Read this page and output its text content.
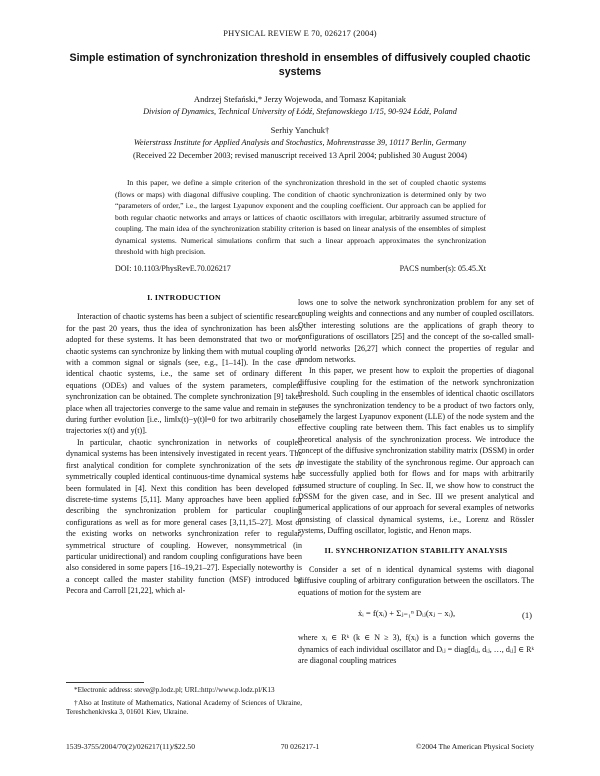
PHYSICAL REVIEW E 70, 026217 (2004)
Simple estimation of synchronization threshold in ensembles of diffusively coupled chaotic systems
Andrzej Stefański,* Jerzy Wojewoda, and Tomasz Kapitaniak
Division of Dynamics, Technical University of Łódź, Stefanowskiego 1/15, 90-924 Łódź, Poland
Serhiy Yanchuk†
Weierstrass Institute for Applied Analysis and Stochastics, Mohrenstrasse 39, 10117 Berlin, Germany
(Received 22 December 2003; revised manuscript received 13 April 2004; published 30 August 2004)

In this paper, we define a simple criterion of the synchronization threshold in the set of coupled chaotic systems (flows or maps) with diagonal diffusive coupling. The condition of chaotic synchronization is determined only by two “parameters of order,” i.e., the largest Lyapunov exponent and the coupling coefficient. Our approach can be applied for both regular chaotic networks and arrays or lattices of chaotic oscillators with irregular, arbitrarily assumed structure of coupling. The main idea of the synchronization stability criterion is based on linear analysis of the ensembles of simplest dynamical systems. Numerical simulations confirm that such a linear approach approximates the synchronization threshold with high precision.

DOI: 10.1103/PhysRevE.70.026217	PACS number(s): 05.45.Xt
I. INTRODUCTION

Interaction of chaotic systems has been a subject of scientific research for the past 20 years, thus the idea of synchronization has been also adopted for these systems. It has been demonstrated that two or more chaotic systems can synchronize by linking them with mutual coupling or with a common signal or signals (see, e.g., [1–14]). In the case of identical chaotic systems, i.e., the same set of ordinary different equations (ODEs) and values of the system parameters, complete synchronization can be obtained. The complete synchronization [9] takes place when all trajectories converge to the same value and remain in step during further evolution [i.e., lim‖x(t)−y(t)‖=0 for two arbitrarily chosen trajectories x(t) and y(t)].

In particular, chaotic synchronization in networks of coupled dynamical systems has been intensively investigated in recent years. The first analytical condition for complete synchronization of the sets of symmetrically coupled identical continuous-time dynamical systems has been formulated in [4]. Next this condition has been developed for discrete-time systems [5,11]. Many approaches have been applied for describing the synchronization problem for particular coupling configurations as well as for more general cases [3,11,15–27]. Most of the existing works on networks synchronization refer to regular, symmetrical structure of coupling. However, nonsymmetrical (in particular unidirectional) and random coupling configurations have been also considered in some papers [16–19,21–27]. Especially noteworthy is a concept called the master stability function (MSF) introduced by Pecora and Carroll [21,22], which al-

lows one to solve the network synchronization problem for any set of coupling weights and connections and any number of coupled oscillators. Other interesting solutions are the applications of graph theory to configurations of oscillators [25] and the concept of the so-called small-world networks [26,27] which connect the properties of regular and random networks.

In this paper, we present how to exploit the properties of diagonal diffusive coupling for the estimation of the network synchronization threshold. Such coupling in the ensembles of identical chaotic oscillators causes the synchronization tendency to be a product of two factors only, namely the largest Lyapunov exponent (LLE) of the node system and the effective coupling rate between them. This fact enables us to simplify theoretical analysis of the synchronization process. We introduce the concept of the diffusive synchronization stability matrix (DSSM) in order to investigate the stability of the synchronous regime. Our approach can be successfully applied both for flows and for maps with arbitrarily assumed structure of coupling. In Sec. II, we show how to construct the DSSM for the given case, and in Sec. III we present analytical and numerical applications of our approach for several examples of networks consisting of classical dynamical systems, i.e., Lorenz and Rössler systems, Duffing oscillator, logistic, and Henon maps.

II. SYNCHRONIZATION STABILITY ANALYSIS

Consider a set of n identical dynamical systems with diagonal diffusive coupling of arbitrary configuration between the oscillators. The equations of motion for the system are

ẋᵢ = f(xᵢ) + Σⱼ₌₁ⁿ Dᵢⱼ(xⱼ − xᵢ),	(1)

where xᵢ ∈ Rᵏ (k ∈ N ≥ 3), f(xᵢ) is a function which governs the dynamics of each individual oscillator and Dᵢⱼ = diag[dᵢⱼ, dᵢⱼ, …, dᵢⱼ] ∈ Rᵏ are diagonal coupling matrices

*Electronic address: steve@p.lodz.pl; URL:http://www.p.lodz.pl/K13

†Also at Institute of Mathematics, National Academy of Sciences of Ukraine, Tereshchenkivska 3, 01601 Kiev, Ukraine.

1539-3755/2004/70(2)/026217(11)/$22.50	70 026217-1	©2004 The American Physical Society
